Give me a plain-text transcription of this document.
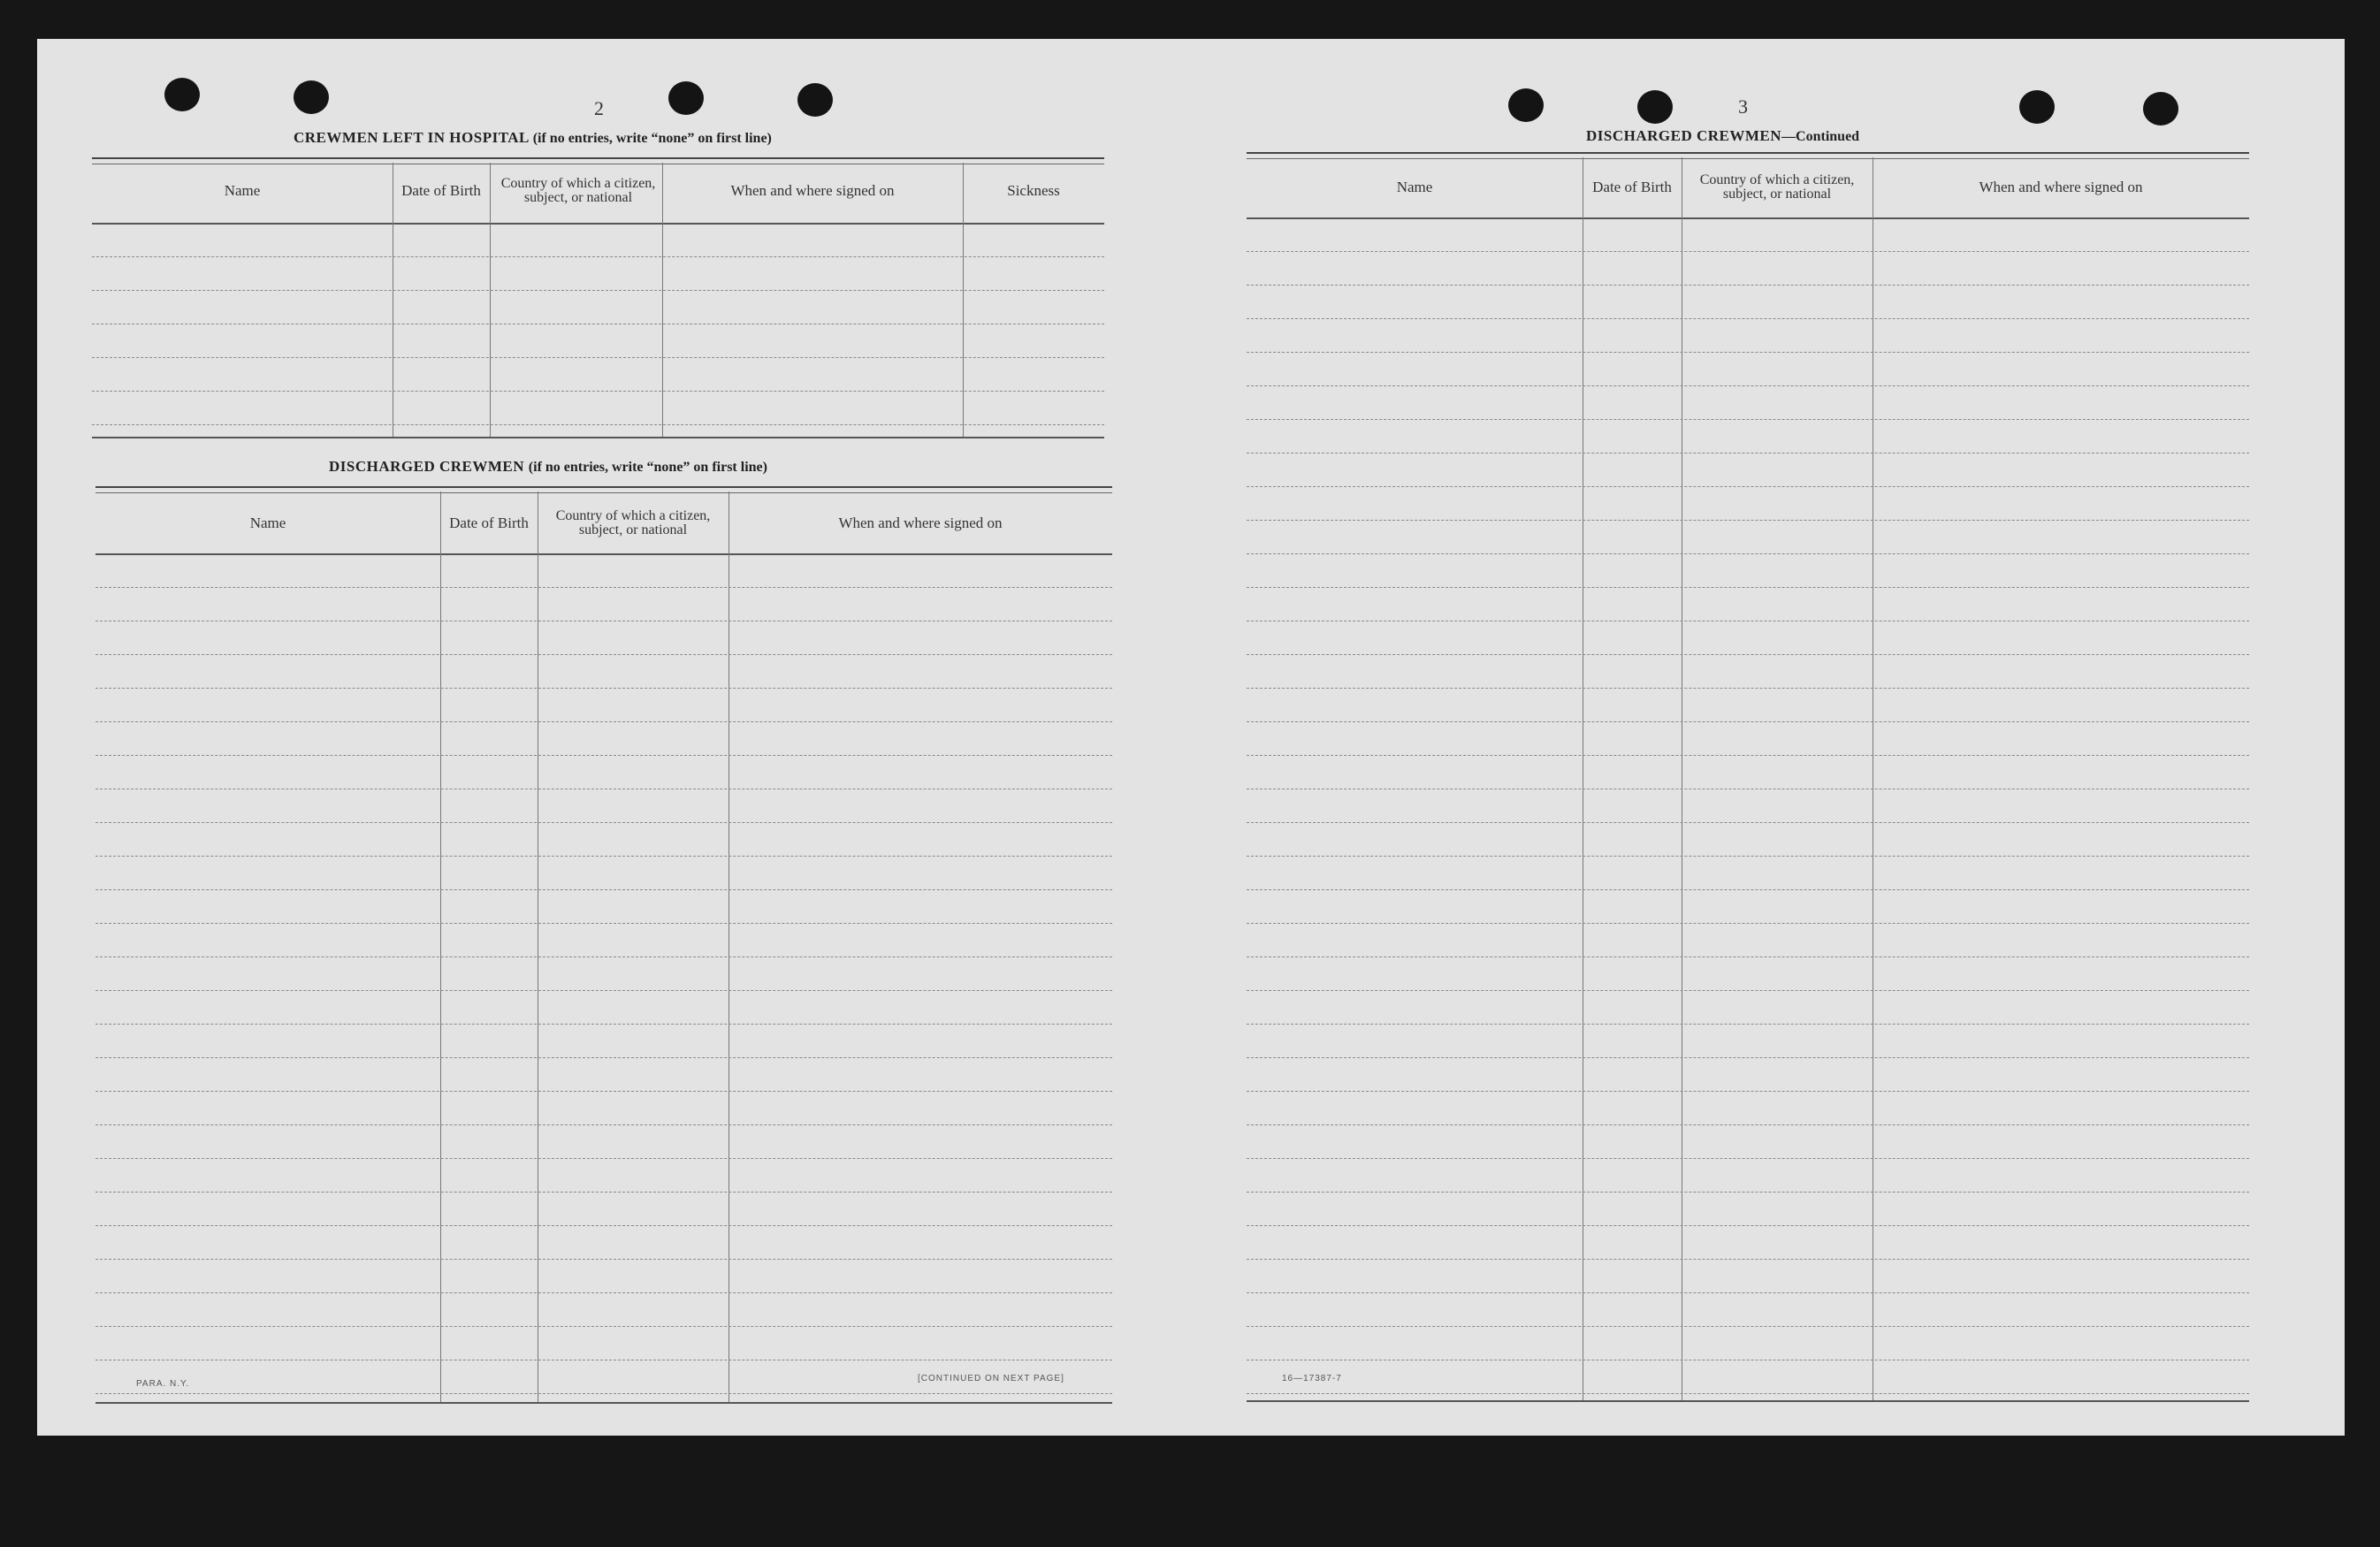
2
CREWMEN LEFT IN HOSPITAL (if no entries, write “none” on first line)
Name	Date of Birth	Country of which a citizen, subject, or national	When and where signed on	Sickness
DISCHARGED CREWMEN (if no entries, write “none” on first line)
Name	Date of Birth	Country of which a citizen, subject, or national	When and where signed on
PARA. N.Y.
[CONTINUED ON NEXT PAGE]
3
DISCHARGED CREWMEN—Continued
Name	Date of Birth	Country of which a citizen, subject, or national	When and where signed on
16—17387-7
